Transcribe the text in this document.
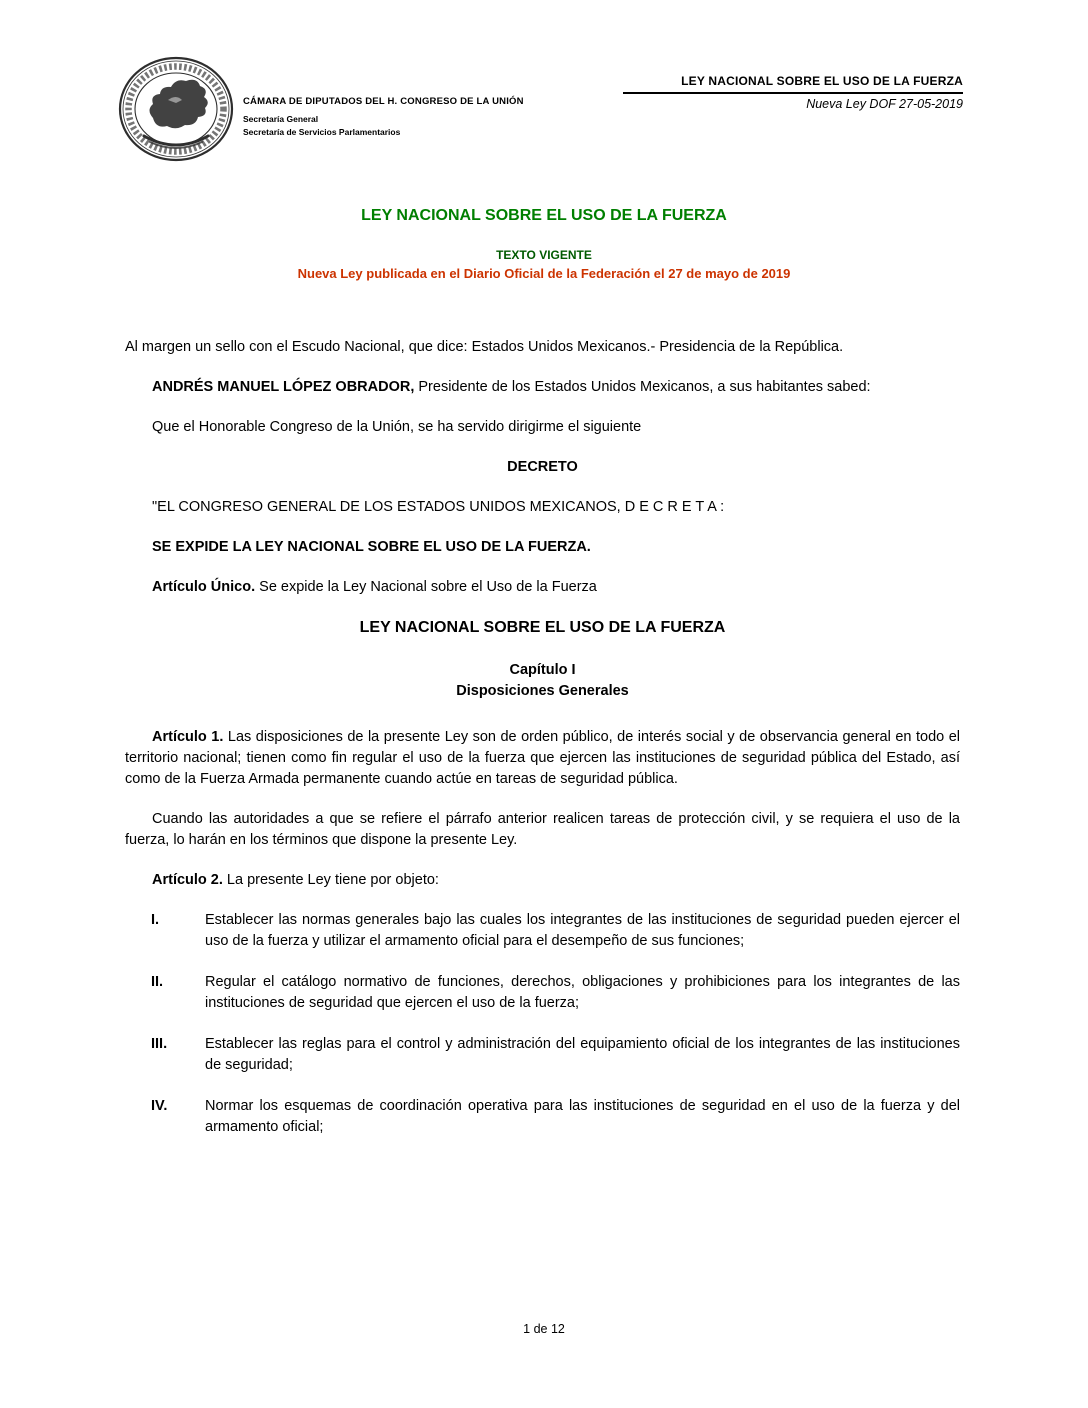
CÁMARA DE DIPUTADOS DEL H. CONGRESO DE LA UNIÓN
Secretaría General
Secretaría de Servicios Parlamentarios
LEY NACIONAL SOBRE EL USO DE LA FUERZA
Nueva Ley DOF 27-05-2019
LEY NACIONAL SOBRE EL USO DE LA FUERZA
TEXTO VIGENTE
Nueva Ley publicada en el Diario Oficial de la Federación el 27 de mayo de 2019

Al margen un sello con el Escudo Nacional, que dice: Estados Unidos Mexicanos.- Presidencia de la República.

ANDRÉS MANUEL LÓPEZ OBRADOR, Presidente de los Estados Unidos Mexicanos, a sus habitantes sabed:

Que el Honorable Congreso de la Unión, se ha servido dirigirme el siguiente

DECRETO

"EL CONGRESO GENERAL DE LOS ESTADOS UNIDOS MEXICANOS, D E C R E T A :

SE EXPIDE LA LEY NACIONAL SOBRE EL USO DE LA FUERZA.

Artículo Único. Se expide la Ley Nacional sobre el Uso de la Fuerza

LEY NACIONAL SOBRE EL USO DE LA FUERZA
Capítulo I
Disposiciones Generales

Artículo 1. Las disposiciones de la presente Ley son de orden público, de interés social y de observancia general en todo el territorio nacional; tienen como fin regular el uso de la fuerza que ejercen las instituciones de seguridad pública del Estado, así como de la Fuerza Armada permanente cuando actúe en tareas de seguridad pública.

Cuando las autoridades a que se refiere el párrafo anterior realicen tareas de protección civil, y se requiera el uso de la fuerza, lo harán en los términos que dispone la presente Ley.

Artículo 2. La presente Ley tiene por objeto:

I.	Establecer las normas generales bajo las cuales los integrantes de las instituciones de seguridad pueden ejercer el uso de la fuerza y utilizar el armamento oficial para el desempeño de sus funciones;
II.	Regular el catálogo normativo de funciones, derechos, obligaciones y prohibiciones para los integrantes de las instituciones de seguridad que ejercen el uso de la fuerza;
III.	Establecer las reglas para el control y administración del equipamiento oficial de los integrantes de las instituciones de seguridad;
IV.	Normar los esquemas de coordinación operativa para las instituciones de seguridad en el uso de la fuerza y del armamento oficial;
1 de 12
